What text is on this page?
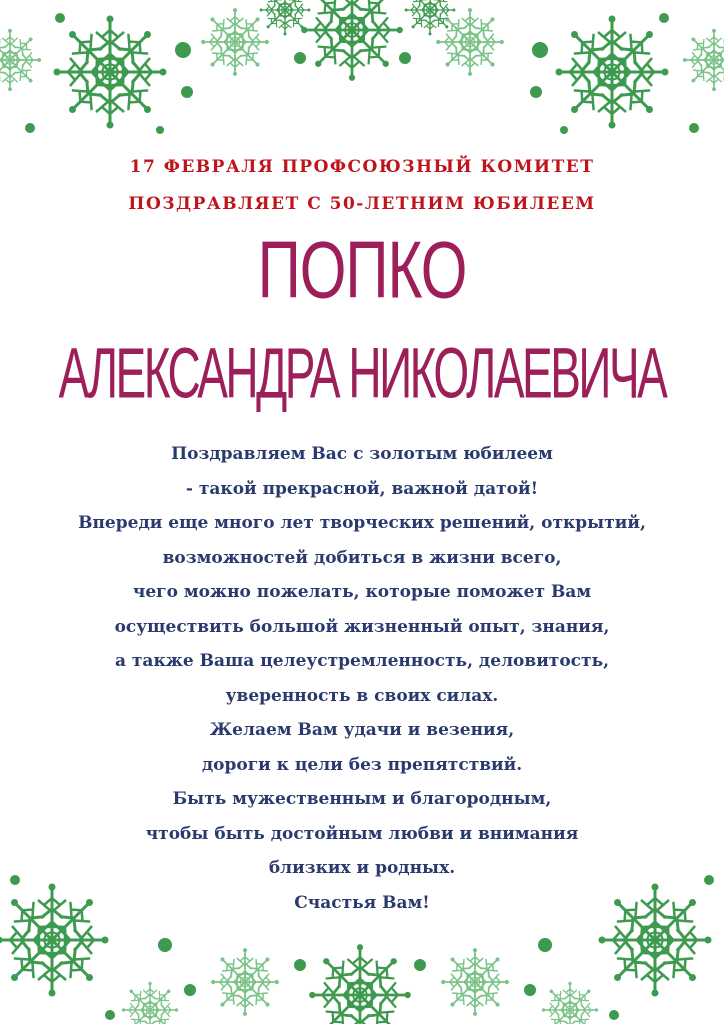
17 ФЕВРАЛЯ ПРОФСОЮЗНЫЙ КОМИТЕТ
ПОЗДРАВЛЯЕТ С 50-ЛЕТНИМ ЮБИЛЕЕМ
ПОПКО
АЛЕКСАНДРА НИКОЛАЕВИЧА
Поздравляем Вас с золотым юбилеем
- такой прекрасной, важной датой!
Впереди еще много лет творческих решений, открытий,
возможностей добиться в жизни всего,
чего можно пожелать, которые поможет Вам
осуществить большой жизненный опыт, знания,
а также Ваша целеустремленность, деловитость,
уверенность в своих силах.
Желаем Вам удачи и везения,
дороги к цели без препятствий.
Быть мужественным и благородным,
чтобы быть достойным любви и внимания
близких и родных.
Счастья Вам!
